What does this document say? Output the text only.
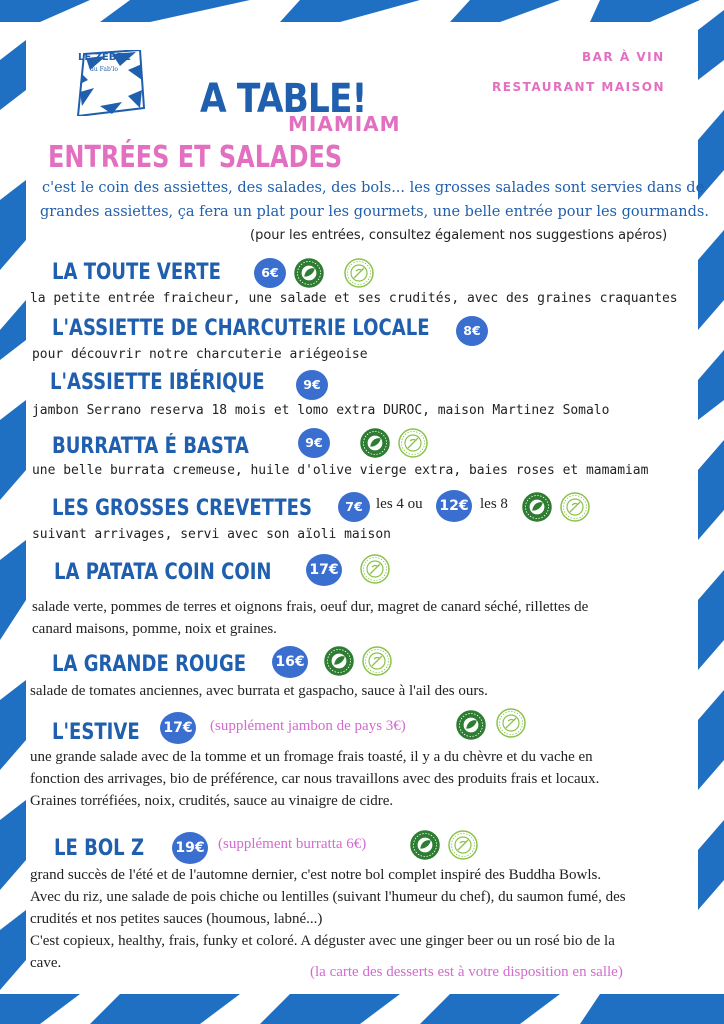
LE ZEBRE
du Fab'lo
A TABLE!
MIAMIAM
BAR À VIN
RESTAURANT MAISON
ENTRÉES ET SALADES
c'est le coin des assiettes, des salades, des bols... les grosses salades sont servies dans de
grandes assiettes, ça fera un plat pour les gourmets, une belle entrée pour les gourmands.
(pour les entrées, consultez également nos suggestions apéros)
LA TOUTE VERTE	6€
la petite entrée fraicheur, une salade et ses crudités, avec des graines craquantes
L'ASSIETTE DE CHARCUTERIE LOCALE	8€
pour découvrir notre charcuterie ariégeoise
L'ASSIETTE IBÉRIQUE	9€
jambon Serrano reserva 18 mois et lomo extra DUROC, maison Martinez Somalo
BURRATTA É BASTA	9€
une belle burrata cremeuse, huile d'olive vierge extra, baies roses et mamamiam
LES GROSSES CREVETTES	7€ les 4 ou 12€ les 8
suivant arrivages, servi avec son aïoli maison
LA PATATA COIN COIN	17€
salade verte, pommes de terres et oignons frais, oeuf dur, magret de canard séché, rillettes de
canard maisons, pomme, noix et graines.
LA GRANDE ROUGE 16€
salade de tomates anciennes, avec burrata et gaspacho, sauce à l'ail des ours.
L'ESTIVE 17€ (supplément jambon de pays 3€)
une grande salade avec de la tomme et un fromage frais toasté, il y a du chèvre et du vache en
fonction des arrivages, bio de préférence, car nous travaillons avec des produits frais et locaux.
Graines torréfiées, noix, crudités, sauce au vinaigre de cidre.
LE BOL Z 19€ (supplément burratta 6€)
grand succès de l'été et de l'automne dernier, c'est notre bol complet inspiré des Buddha Bowls.
Avec du riz, une salade de pois chiche ou lentilles (suivant l'humeur du chef), du saumon fumé, des
crudités et nos petites sauces (houmous, labné...)
C'est copieux, healthy, frais, funky et coloré. A déguster avec une ginger beer ou un rosé bio de la
cave.
(la carte des desserts est à votre disposition en salle)
